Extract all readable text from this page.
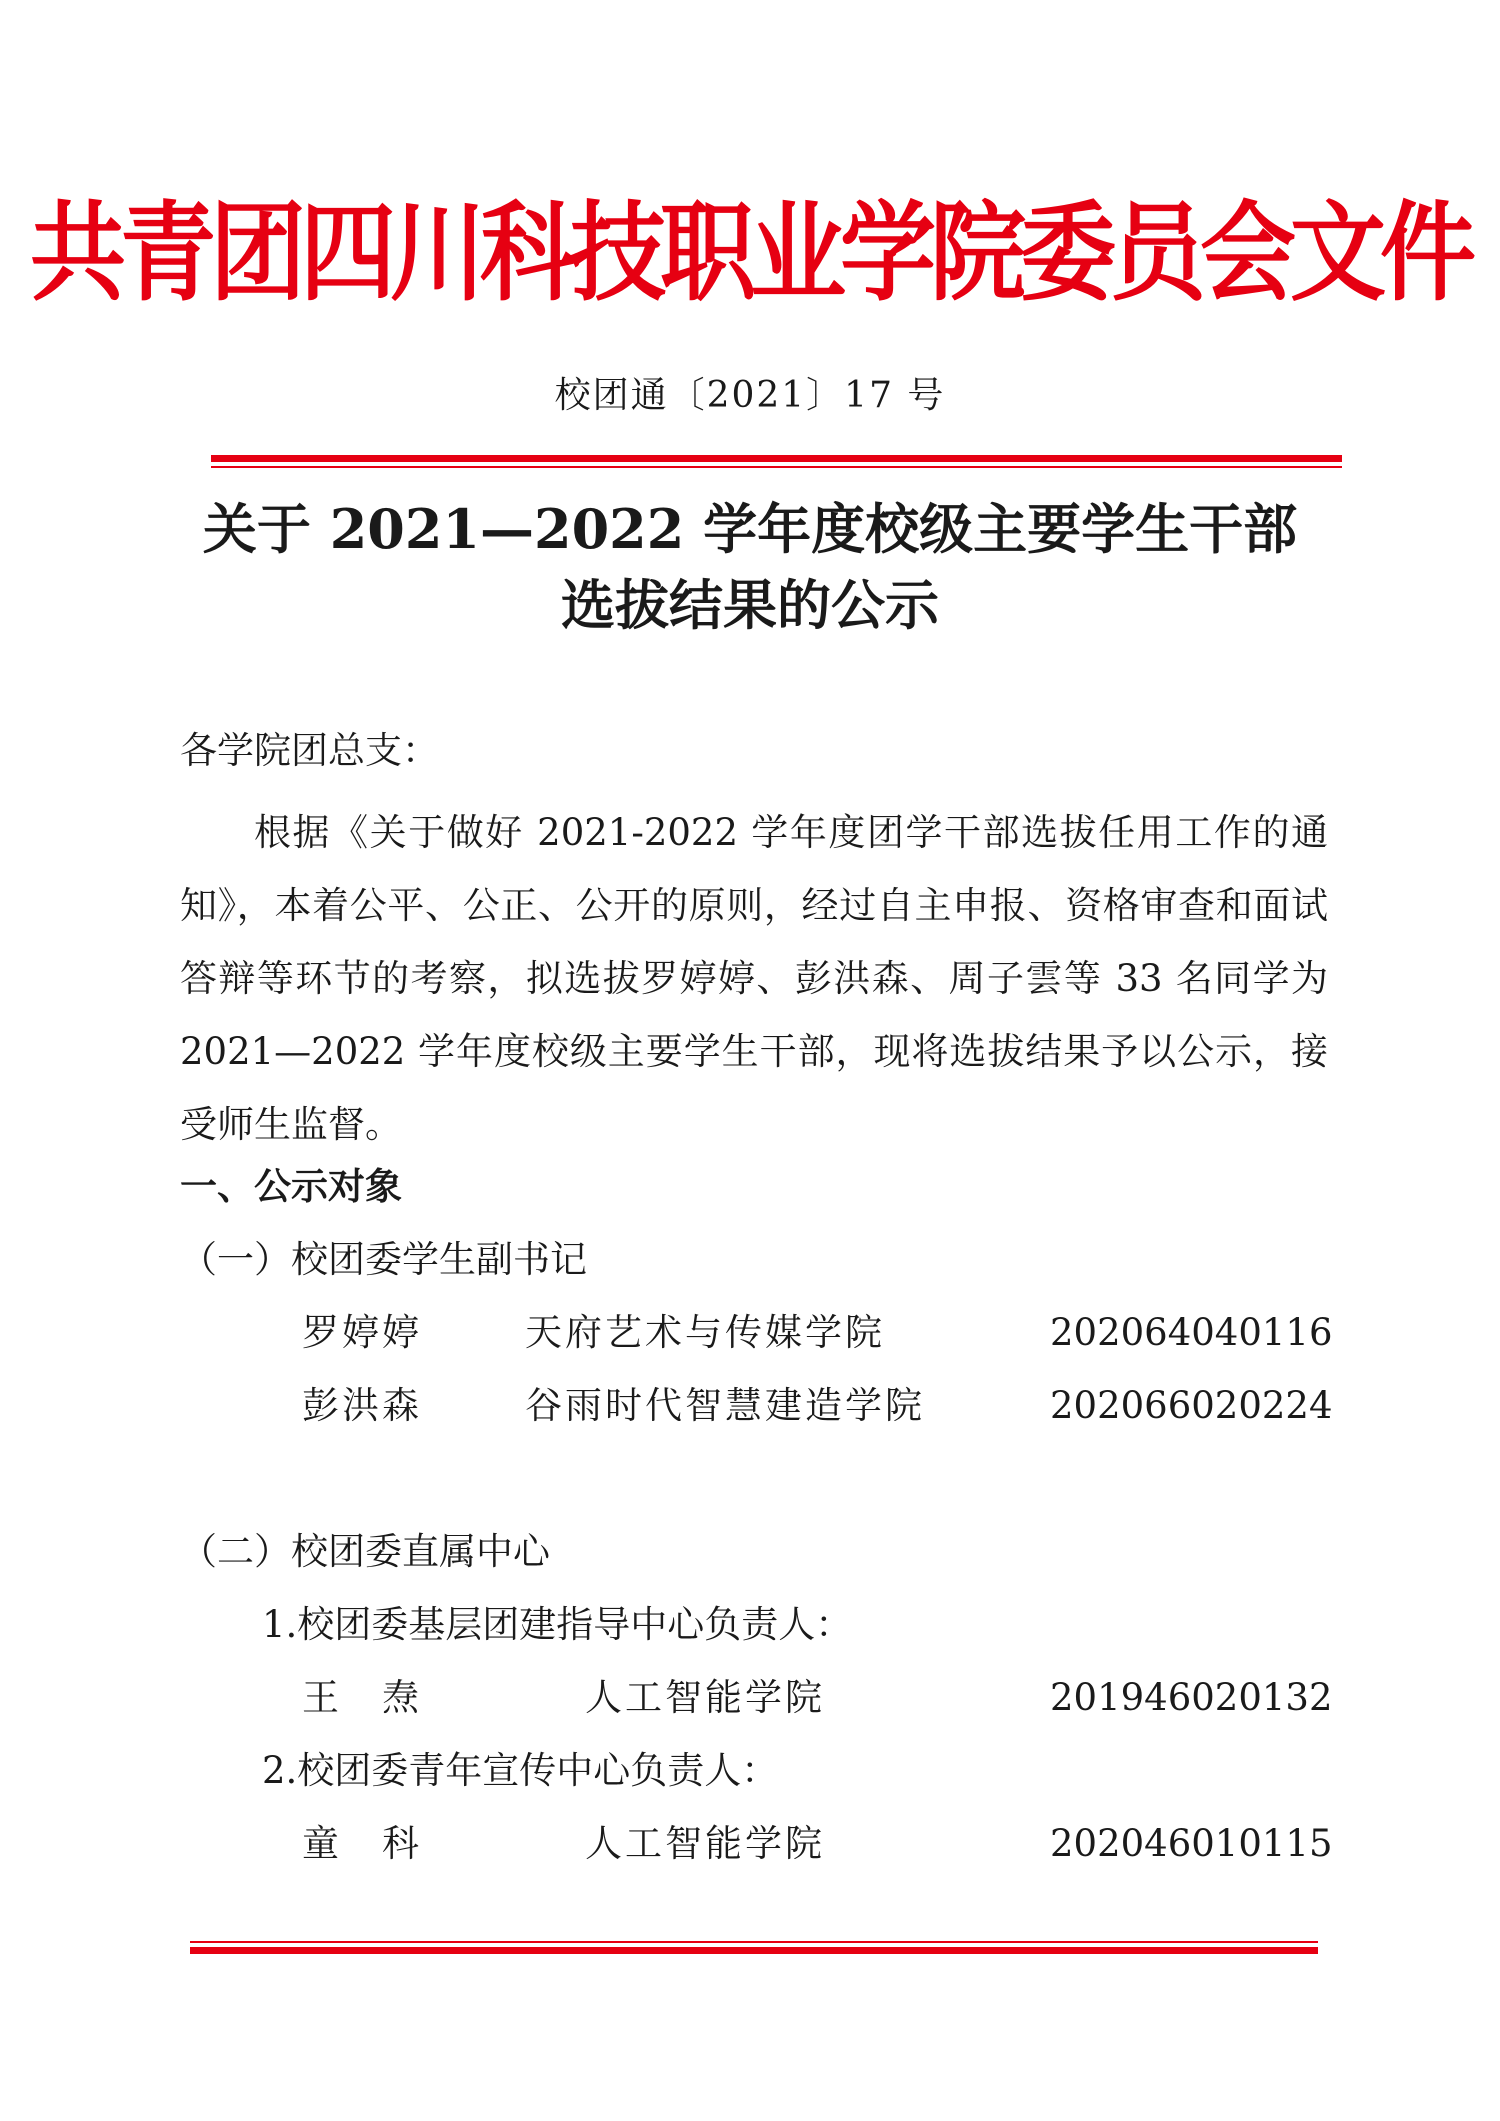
共青团四川科技职业学院委员会文件
校团通〔2021〕17 号
关于 2021—2022 学年度校级主要学生干部
选拔结果的公示
各学院团总支：
根据《关于做好 2021-2022 学年度团学干部选拔任用工作的通知》，本着公平、公正、公开的原则，经过自主申报、资格审查和面试答辩等环节的考察，拟选拔罗婷婷、彭洪森、周子雲等 33 名同学为 2021—2022 学年度校级主要学生干部，现将选拔结果予以公示，接受师生监督。
一、公示对象
（一）校团委学生副书记
罗婷婷	天府艺术与传媒学院	202064040116
彭洪森	谷雨时代智慧建造学院	202066020224
（二）校团委直属中心
1.校团委基层团建指导中心负责人：
王　焘	人工智能学院	201946020132
2.校团委青年宣传中心负责人：
童　科	人工智能学院	202046010115
